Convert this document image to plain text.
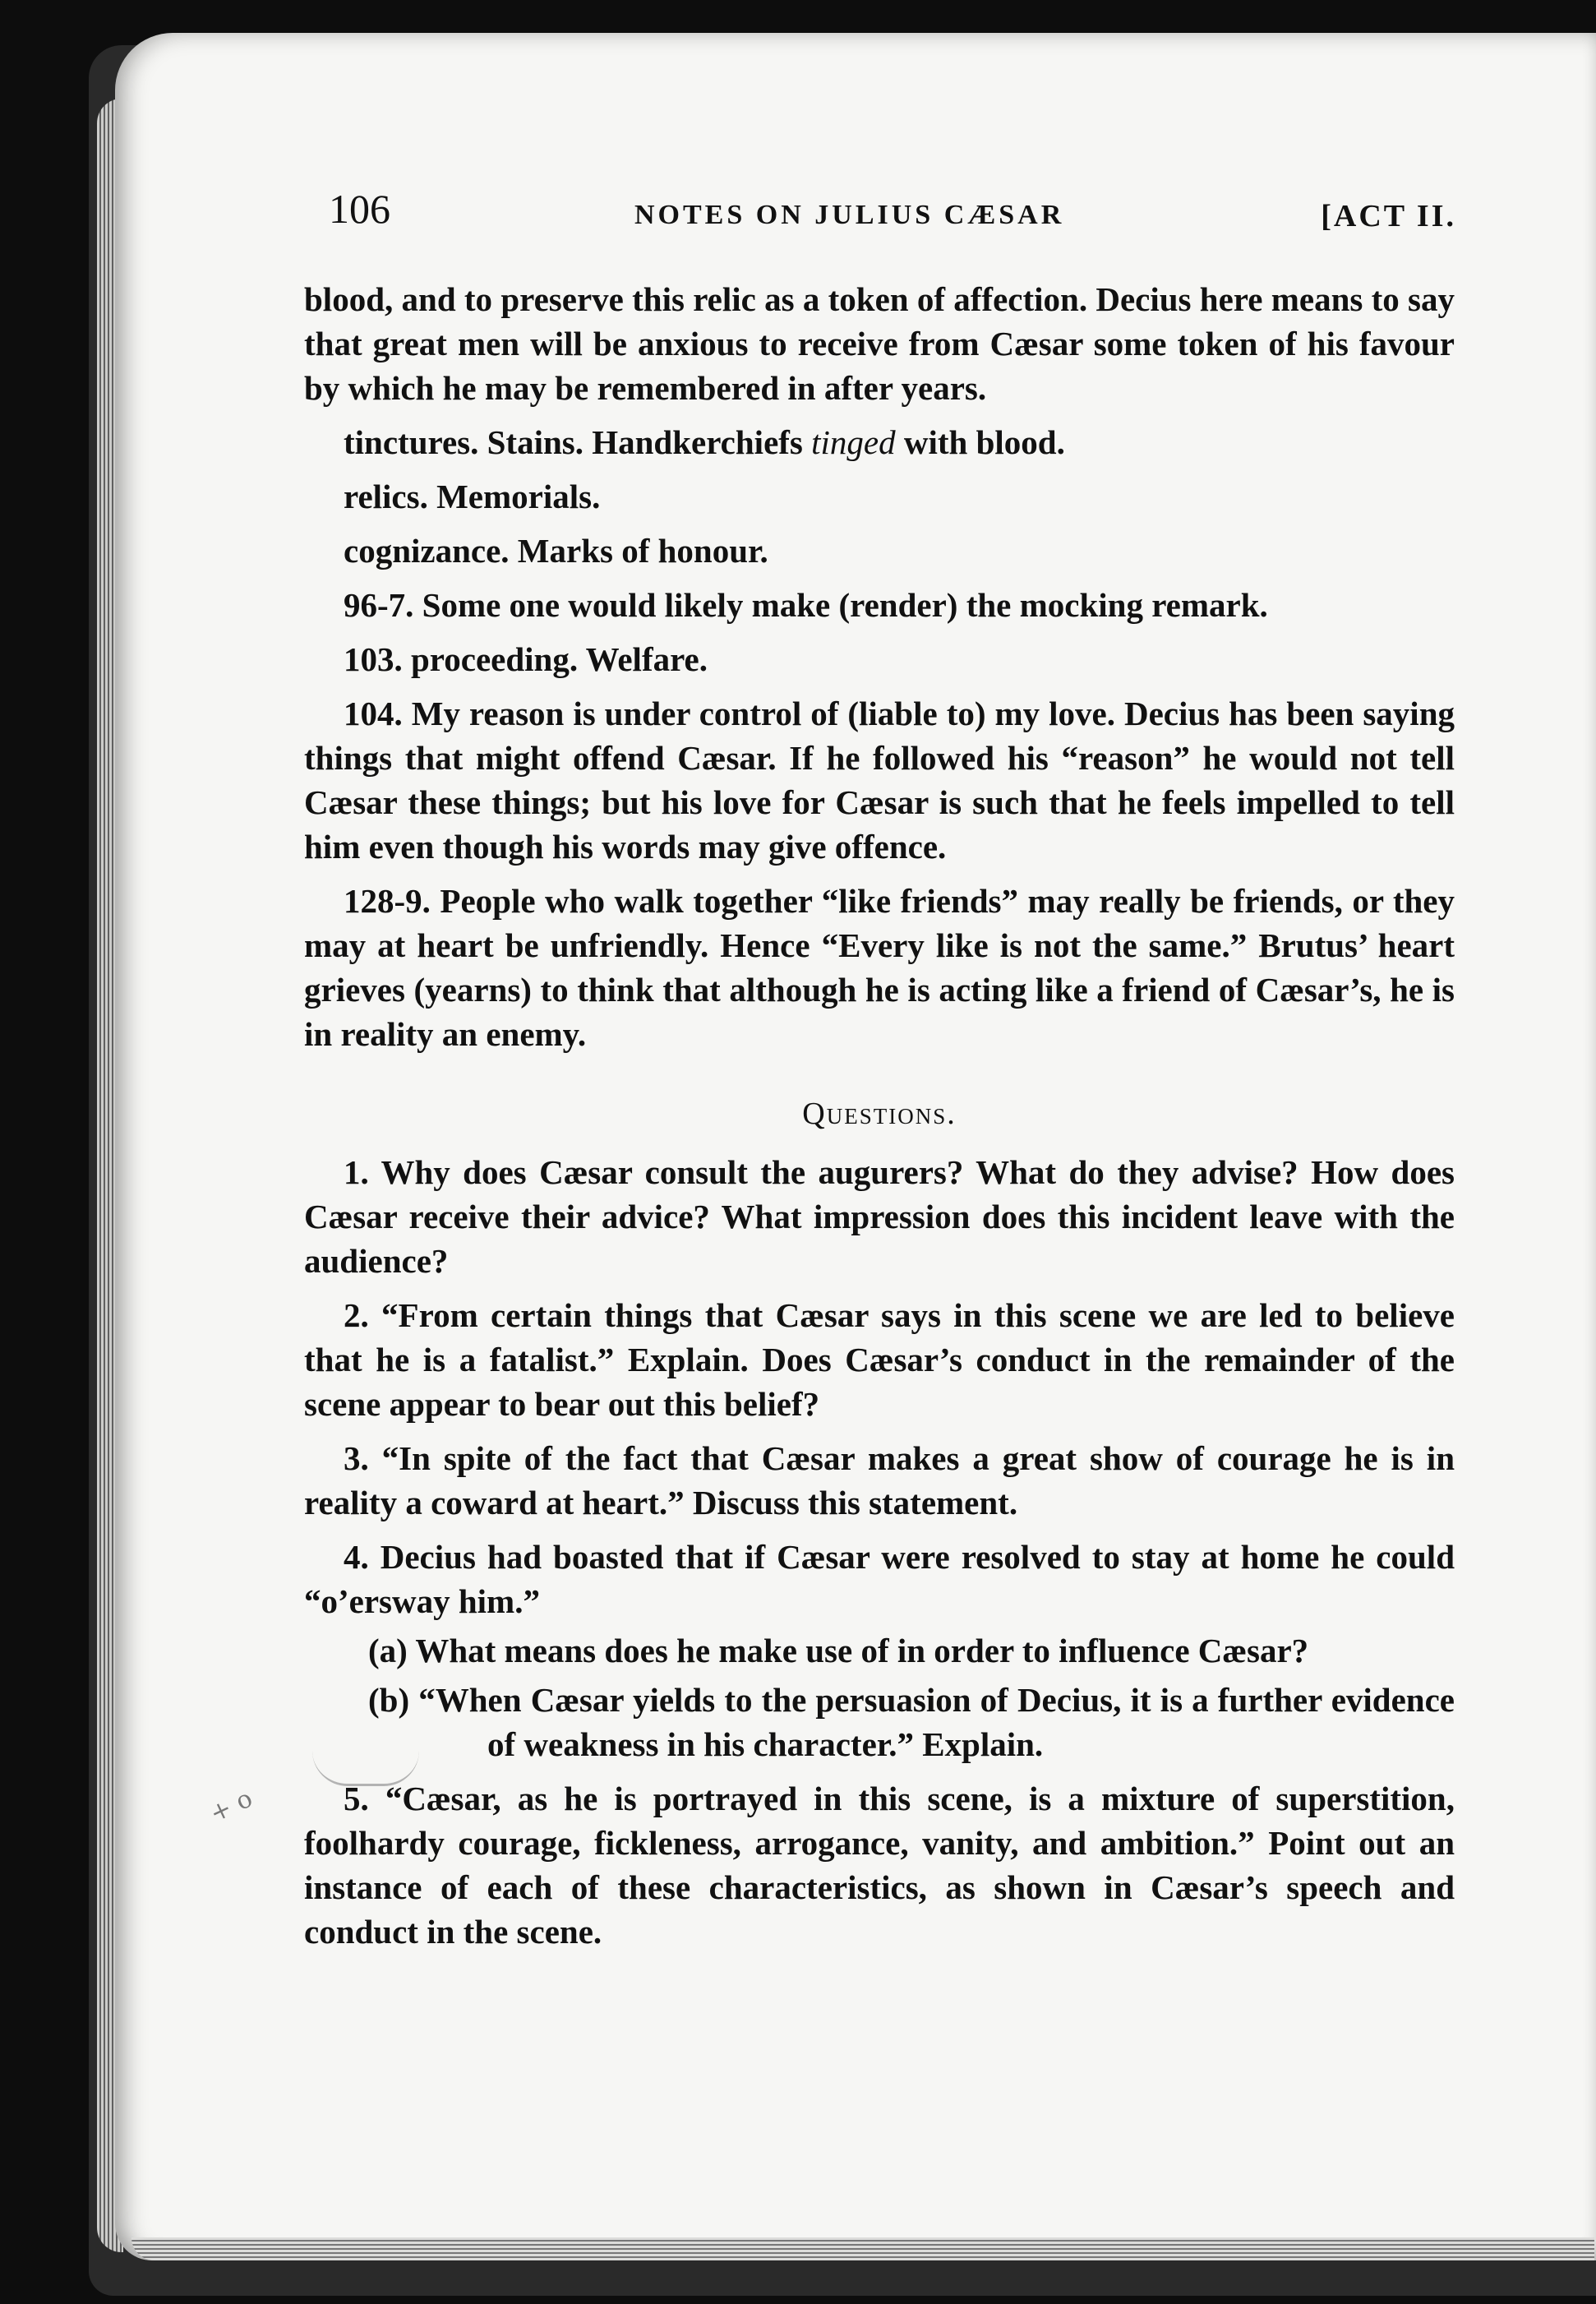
106	NOTES ON JULIUS CÆSAR	[ACT II.

blood, and to preserve this relic as a token of affection. Decius here means to say that great men will be anxious to receive from Cæsar some token of his favour by which he may be remembered in after years.

tinctures. Stains. Handkerchiefs tinged with blood.

relics. Memorials.

cognizance. Marks of honour.

96-7. Some one would likely make (render) the mocking remark.

103. proceeding. Welfare.

104. My reason is under control of (liable to) my love. Decius has been saying things that might offend Cæsar. If he followed his “reason” he would not tell Cæsar these things; but his love for Cæsar is such that he feels impelled to tell him even though his words may give offence.

128-9. People who walk together “like friends” may really be friends, or they may at heart be unfriendly. Hence “Every like is not the same.” Brutus’ heart grieves (yearns) to think that although he is acting like a friend of Cæsar’s, he is in reality an enemy.

Questions.

1. Why does Cæsar consult the augurers? What do they advise? How does Cæsar receive their advice? What impression does this incident leave with the audience?

2. “From certain things that Cæsar says in this scene we are led to believe that he is a fatalist.” Explain. Does Cæsar’s conduct in the remainder of the scene appear to bear out this belief?

3. “In spite of the fact that Cæsar makes a great show of courage he is in reality a coward at heart.” Discuss this statement.

4. Decius had boasted that if Cæsar were resolved to stay at home he could “o’ersway him.”

(a) What means does he make use of in order to influence Cæsar?

(b) “When Cæsar yields to the persuasion of Decius, it is a further evidence of weakness in his character.” Explain.

5. “Cæsar, as he is portrayed in this scene, is a mixture of superstition, foolhardy courage, fickleness, arrogance, vanity, and ambition.” Point out an instance of each of these characteristics, as shown in Cæsar’s speech and conduct in the scene.

+ o
